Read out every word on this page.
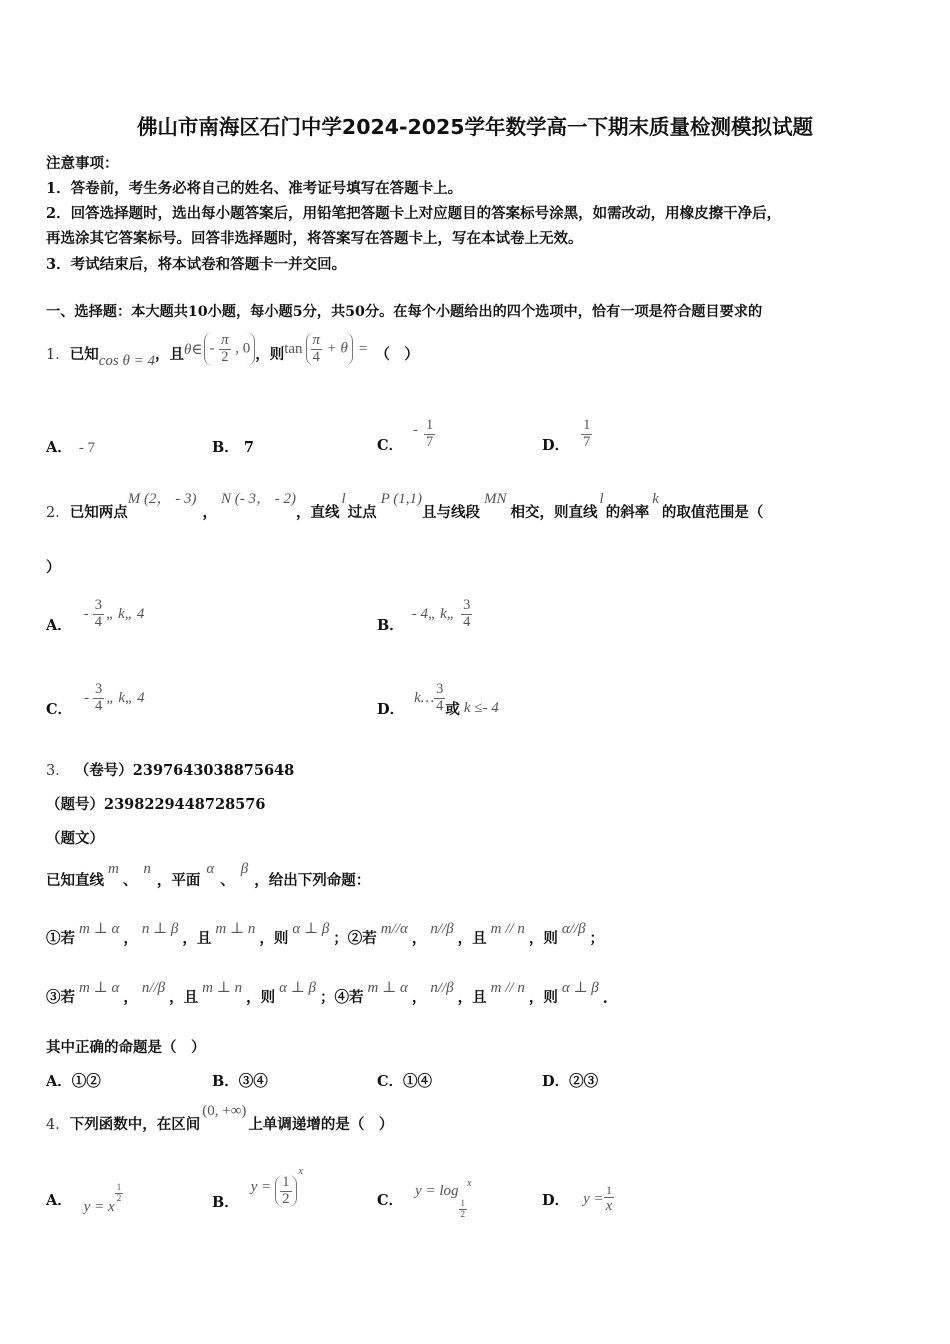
佛山市南海区石门中学2024-2025学年数学高一下期末质量检测模拟试题
注意事项：
1．答卷前，考生务必将自己的姓名、准考证号填写在答题卡上。
2．回答选择题时，选出每小题答案后，用铅笔把答题卡上对应题目的答案标号涂黑，如需改动，用橡皮擦干净后，
再选涂其它答案标号。回答非选择题时，将答案写在答题卡上，写在本试卷上无效。
3．考试结束后，将本试卷和答题卡一并交回。
一、选择题：本大题共10小题，每小题5分，共50分。在每个小题给出的四个选项中，恰有一项是符合题目要求的
1． 已知 cos θ = 4 ，且 θ∈ - $\frac{\pi}{2}$ , 0 ，则 $\tan \frac{\pi}{4} + \theta$ = （　）
A． - 7	B． 7	C．
- $\frac{1}{7}$	D． $\frac{1}{7}$
2． 已知两点
M (2， - 3)
，
N (- 3， - 2)
，直线
l
过点
P (1,1)
且与线段
MN
相交，则直线
l
的斜率
k
的取值范围是（
）
A．
- $\frac{3}{4}$ „ k„ 4
B．
- 4„ k„ $\frac{3}{4}$
C．
- $\frac{3}{4}$ „ k„ 4
D．
k… $\frac{3}{4}$ 或 k ≤- 4
3． （卷号）2397643038875648
（题号）2398229448728576
（题文）
已知直线
m
、
n
，平面
α
、
β
，给出下列命题：
①若
m ⊥ α
，
n ⊥ β
，且
m ⊥ n
，则
α ⊥ β
；②若
m//α
，
n//β
，且
m // n
，则
α//β
；
③若
m ⊥ α
，
n//β
，且
m ⊥ n
，则
α ⊥ β
；④若
m ⊥ α
，
n//β
，且
m // n
，则
α ⊥ β
.
其中正确的命题是（　）
A．①②	B．③④	C．①④	D．②③
4． 下列函数中，在区间
(0, +∞)
上单调递增的是（　）
A． y = x
$\frac{1}{2}$	B．
$y = \frac{1}{2}$
x
C．
y = log
$\frac{1}{2}$
x
D． $y = \frac{1}{x}$
